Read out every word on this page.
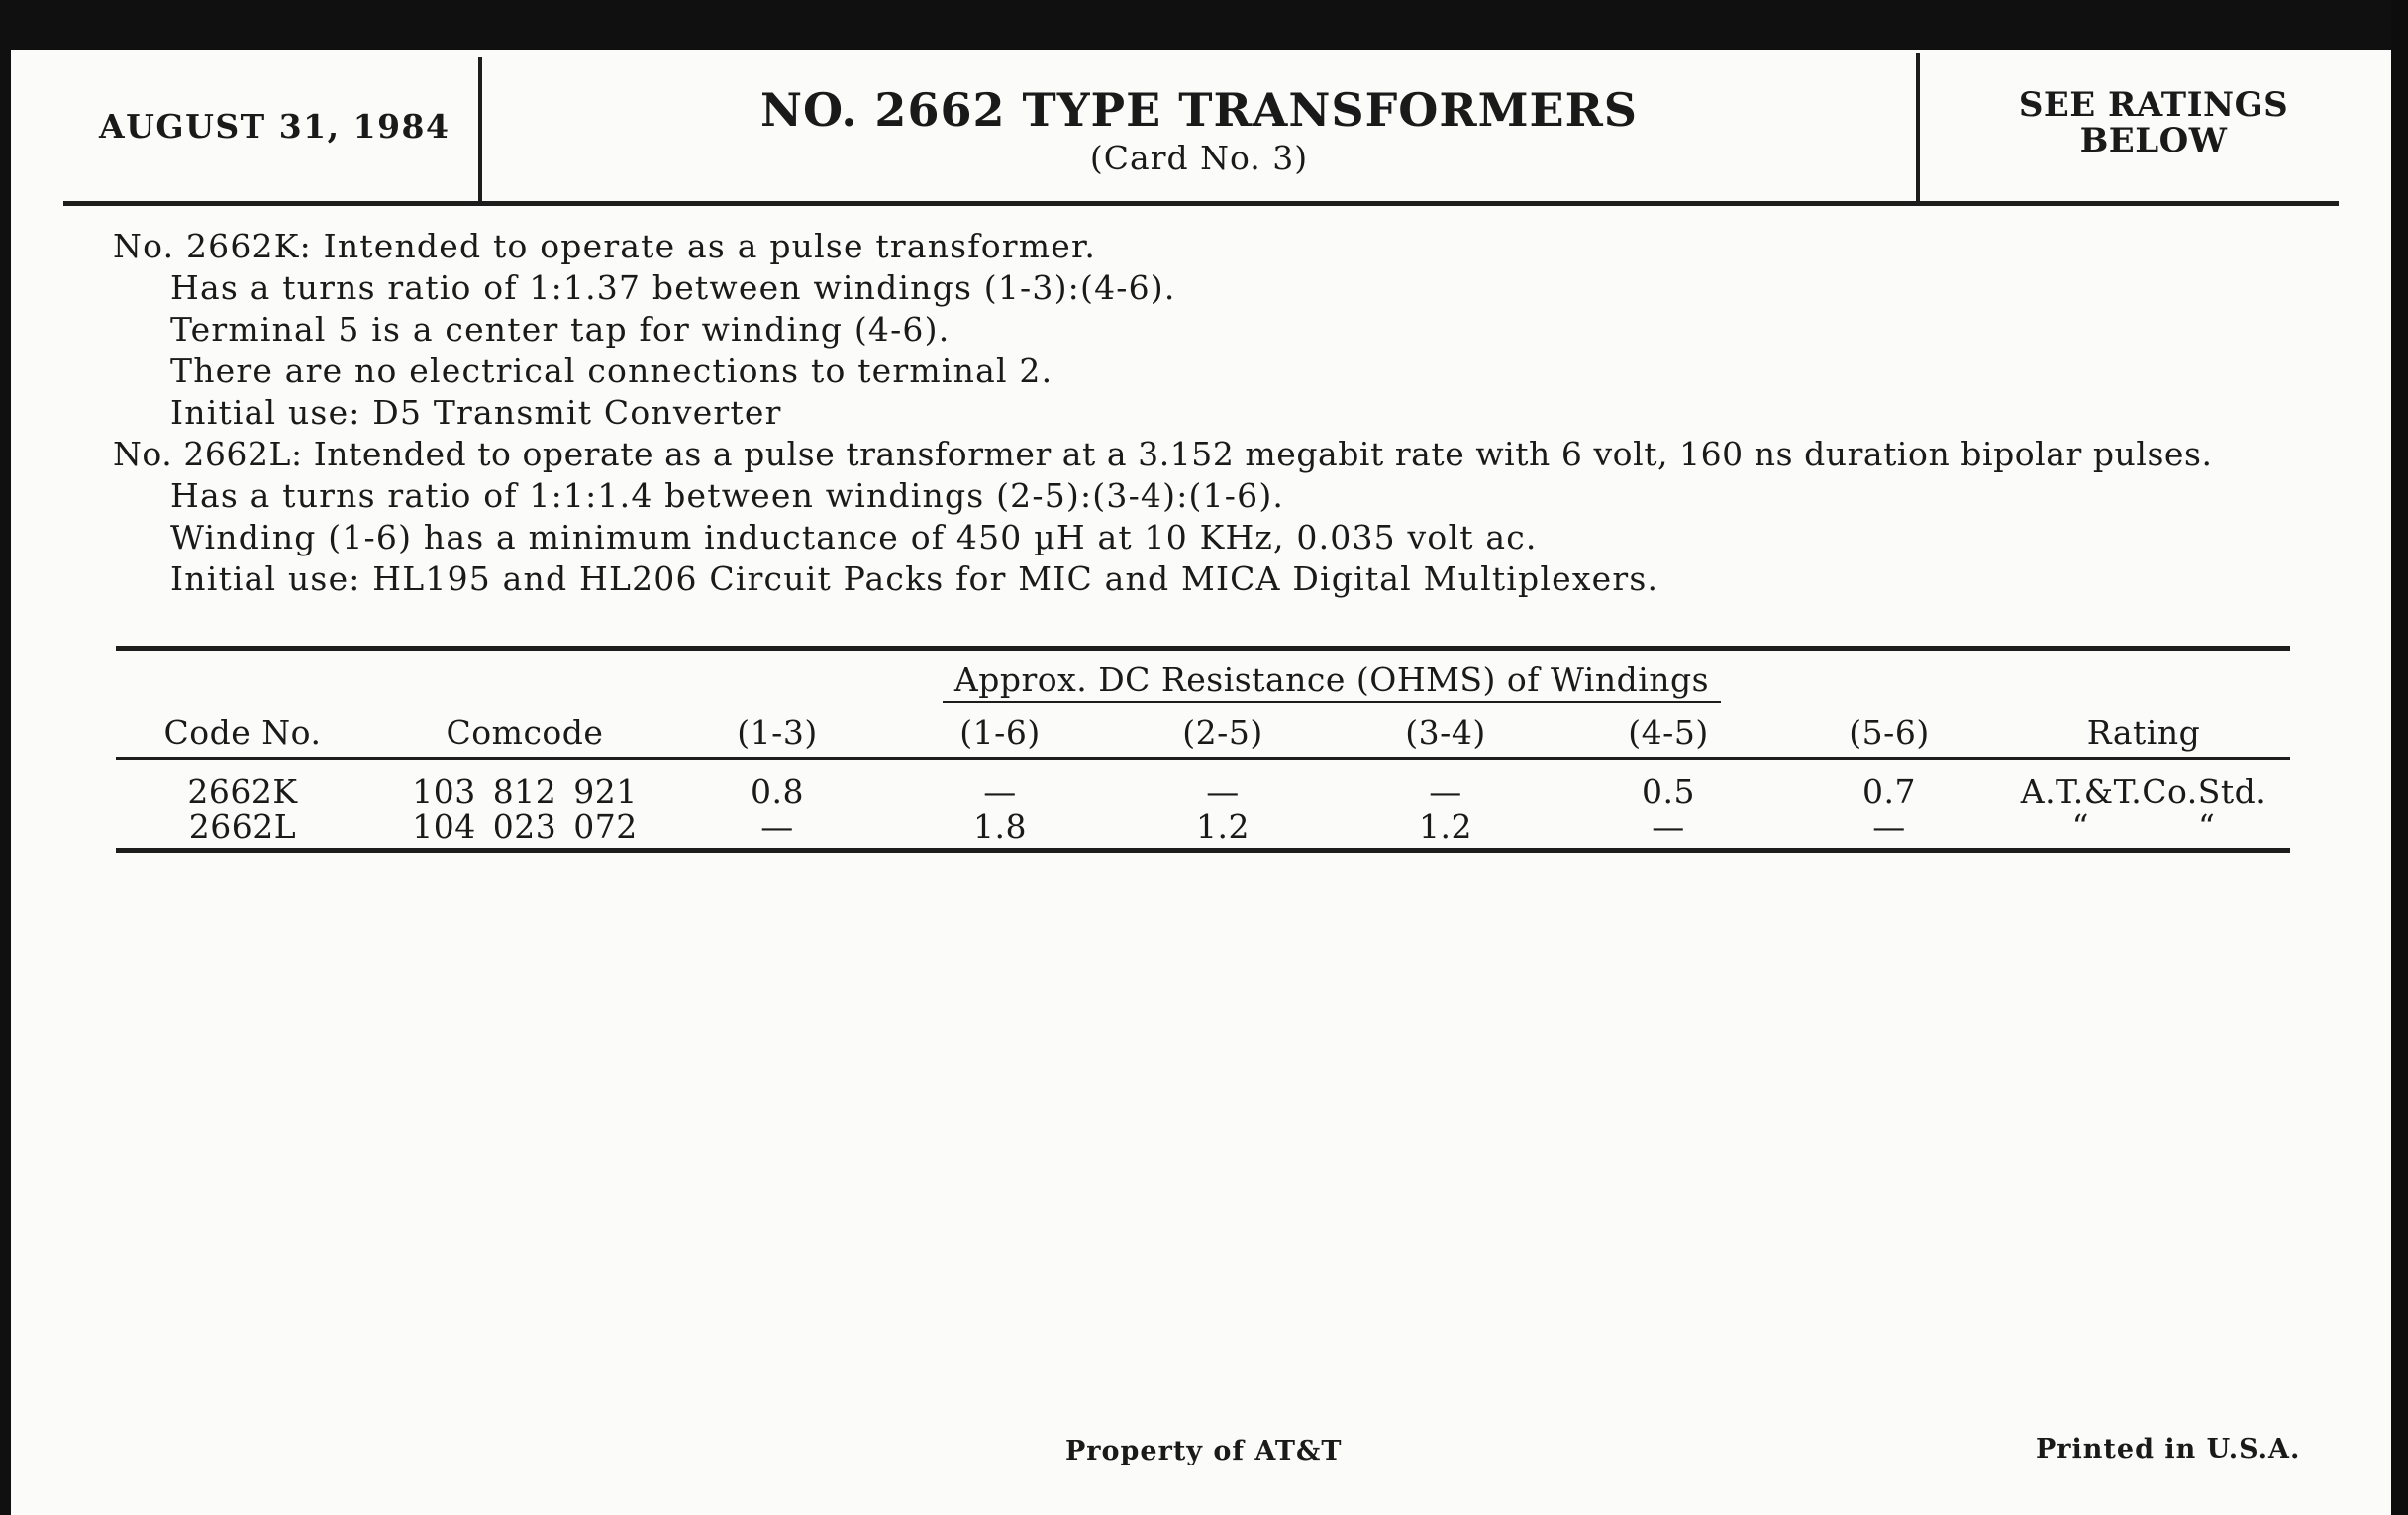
AUGUST 31, 1984	NO. 2662 TYPE TRANSFORMERS
(Card No. 3)
SEE RATINGS
BELOW
No. 2662K: Intended to operate as a pulse transformer.
Has a turns ratio of 1:1.37 between windings (1-3):(4-6).
Terminal 5 is a center tap for winding (4-6).
There are no electrical connections to terminal 2.
Initial use: D5 Transmit Converter
No. 2662L: Intended to operate as a pulse transformer at a 3.152 megabit rate with 6 volt, 160 ns duration bipolar pulses.
Has a turns ratio of 1:1:1.4 between windings (2-5):(3-4):(1-6).
Winding (1-6) has a minimum inductance of 450 µH at 10 KHz, 0.035 volt ac.
Initial use: HL195 and HL206 Circuit Packs for MIC and MICA Digital Multiplexers.
Approx. DC Resistance (OHMS) of Windings
Code No.	Comcode	(1-3)	(1-6)	(2-5)	(3-4)	(4-5)	(5-6)	Rating
2662K	103 812 921	0.8	—	—	—	0.5	0.7	A.T.&T.Co.Std.
2662L	104 023 072	—	1.8	1.2	1.2	—	—	“          “
Property of AT&T	Printed in U.S.A.
